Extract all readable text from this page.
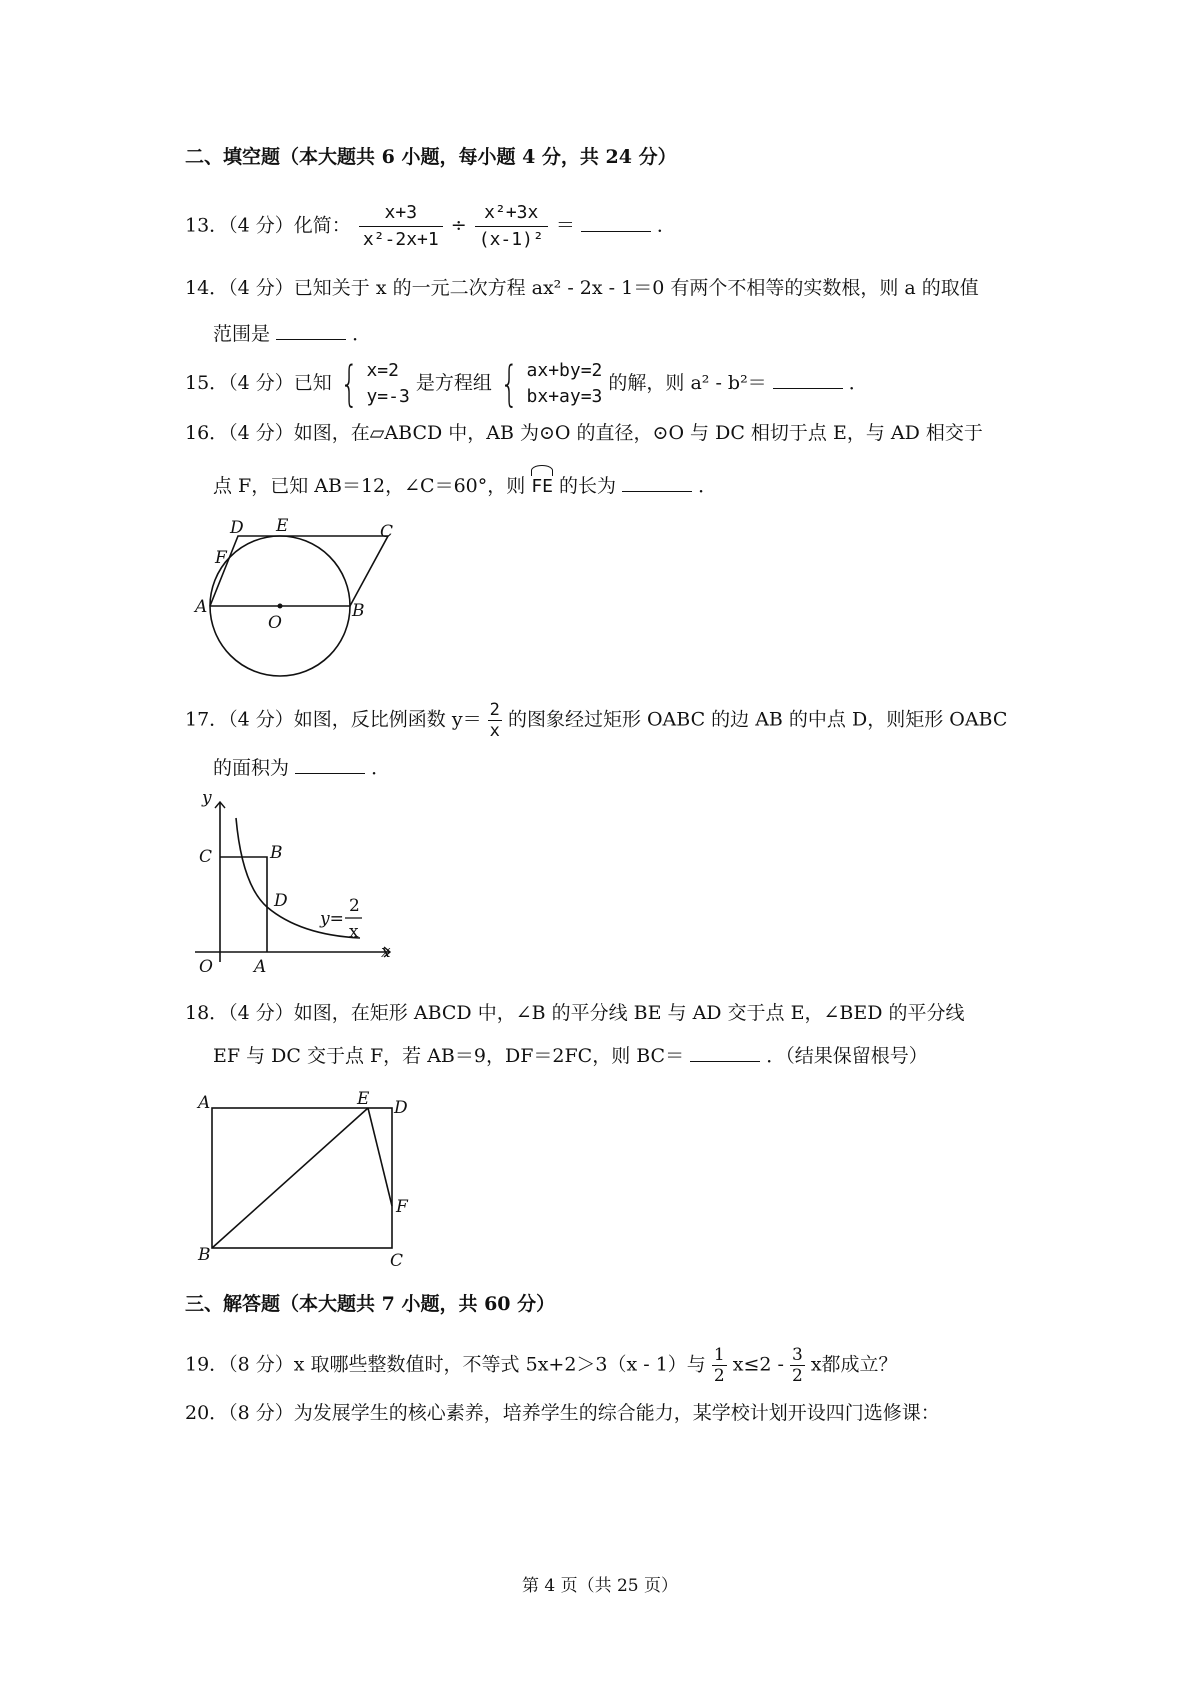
二、填空题（本大题共 6 小题，每小题 4 分，共 24 分）
13．（4 分）化简： $\frac{x+3}{\text{x²-2x+1}} \div \frac{\text{x²+3x}}{\text{(x-1)²}}$ ＝	．
14．（4 分）已知关于 x 的一元二次方程 ax² - 2x - 1＝0 有两个不相等的实数根，则 a 的取值
范围是	．
15．（4 分）已知 { x=2
y=-3
是方程组 { ax+by=2
bx+ay=3
的解，则 a² - b²＝	．
16．（4 分）如图，在▱ABCD 中，AB 为⊙O 的直径，⊙O 与 DC 相切于点 E，与 AD 相交于
点 F，已知 AB＝12，∠C＝60°，则 FE 的长为	．
D E	C
F
A	B
O
17．（4 分）如图，反比例函数 $y= \frac{2}{x}$ 的图象经过矩形 OABC 的边 AB 的中点 D，则矩形 OABC
的面积为	．
y
C	B
D
y=
2
x
x
O A
18．（4 分）如图，在矩形 ABCD 中，∠B 的平分线 BE 与 AD 交于点 E，∠BED 的平分线
EF 与 DC 交于点 F，若 AB＝9，DF＝2FC，则 BC＝	．（结果保留根号）
A	E D
F
B	C
三、解答题（本大题共 7 小题，共 60 分）
19．（8 分）x 取哪些整数值时，不等式 5x+2＞3（x - 1）与 $\frac{1}{2} x\le 2 - \frac{3}{2}$ x都成立？
20．（8 分）为发展学生的核心素养，培养学生的综合能力，某学校计划开设四门选修课：
第 4 页（共 25 页）
